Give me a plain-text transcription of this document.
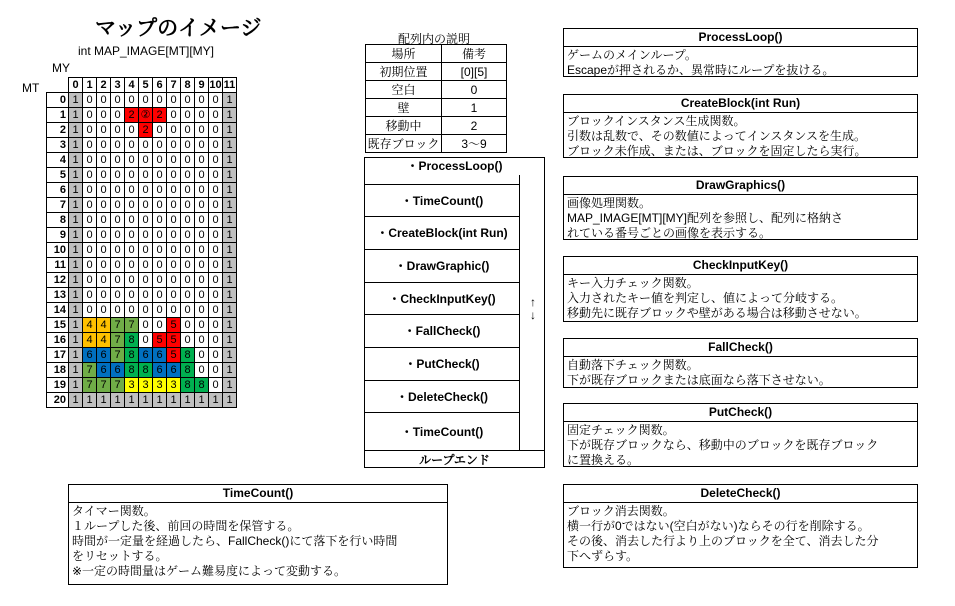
マップのイメージ
int MAP_IMAGE[MT][MY]
MY
MT
		0	1	2	3	4	5	6	7	8	9	10	11
0	1	0	0	0	0	0	0	0	0	0	0	1
1	1	0	0	0	2	②	2	0	0	0	0	1
2	1	0	0	0	0	2	0	0	0	0	0	1
3	1	0	0	0	0	0	0	0	0	0	0	1
4	1	0	0	0	0	0	0	0	0	0	0	1
5	1	0	0	0	0	0	0	0	0	0	0	1
6	1	0	0	0	0	0	0	0	0	0	0	1
7	1	0	0	0	0	0	0	0	0	0	0	1
8	1	0	0	0	0	0	0	0	0	0	0	1
9	1	0	0	0	0	0	0	0	0	0	0	1
10	1	0	0	0	0	0	0	0	0	0	0	1
11	1	0	0	0	0	0	0	0	0	0	0	1
12	1	0	0	0	0	0	0	0	0	0	0	1
13	1	0	0	0	0	0	0	0	0	0	0	1
14	1	0	0	0	0	0	0	0	0	0	0	1
15	1	4	4	7	7	0	0	5	0	0	0	1
16	1	4	4	7	8	0	5	5	0	0	0	1
17	1	6	6	7	8	6	6	5	8	0	0	1
18	1	7	6	6	8	8	6	6	8	0	0	1
19	1	7	7	7	3	3	3	3	8	8	0	1
20	1	1	1	1	1	1	1	1	1	1	1	1
配列内の説明
場所	備考
初期位置	[0][5]
空白	0
壁	1
移動中	2
既存ブロック	3～9
・ProcessLoop()
・TimeCount()
・CreateBlock(int Run)
・DrawGraphic()
・CheckInputKey()
・FallCheck()
・PutCheck()
・DeleteCheck()
・TimeCount()
ループエンド
↑
↓
ProcessLoop()
ゲームのメインループ。
Escapeが押されるか、異常時にループを抜ける。
CreateBlock(int Run)
ブロックインスタンス生成関数。
引数は乱数で、その数値によってインスタンスを生成。
ブロック未作成、または、ブロックを固定したら実行。
DrawGraphics()
画像処理関数。
MAP_IMAGE[MT][MY]配列を参照し、配列に格納さ
れている番号ごとの画像を表示する。
CheckInputKey()
キー入力チェック関数。
入力されたキー値を判定し、値によって分岐する。
移動先に既存ブロックや壁がある場合は移動させない。
FallCheck()
自動落下チェック関数。
下が既存ブロックまたは底面なら落下させない。
PutCheck()
固定チェック関数。
下が既存ブロックなら、移動中のブロックを既存ブロック
に置換える。
TimeCount()
タイマー関数。
１ループした後、前回の時間を保管する。
時間が一定量を経過したら、FallCheck()にて落下を行い時間
をリセットする。
※一定の時間量はゲーム難易度によって変動する。
DeleteCheck()
ブロック消去関数。
横一行が0ではない(空白がない)ならその行を削除する。
その後、消去した行より上のブロックを全て、消去した分
下へずらす。
